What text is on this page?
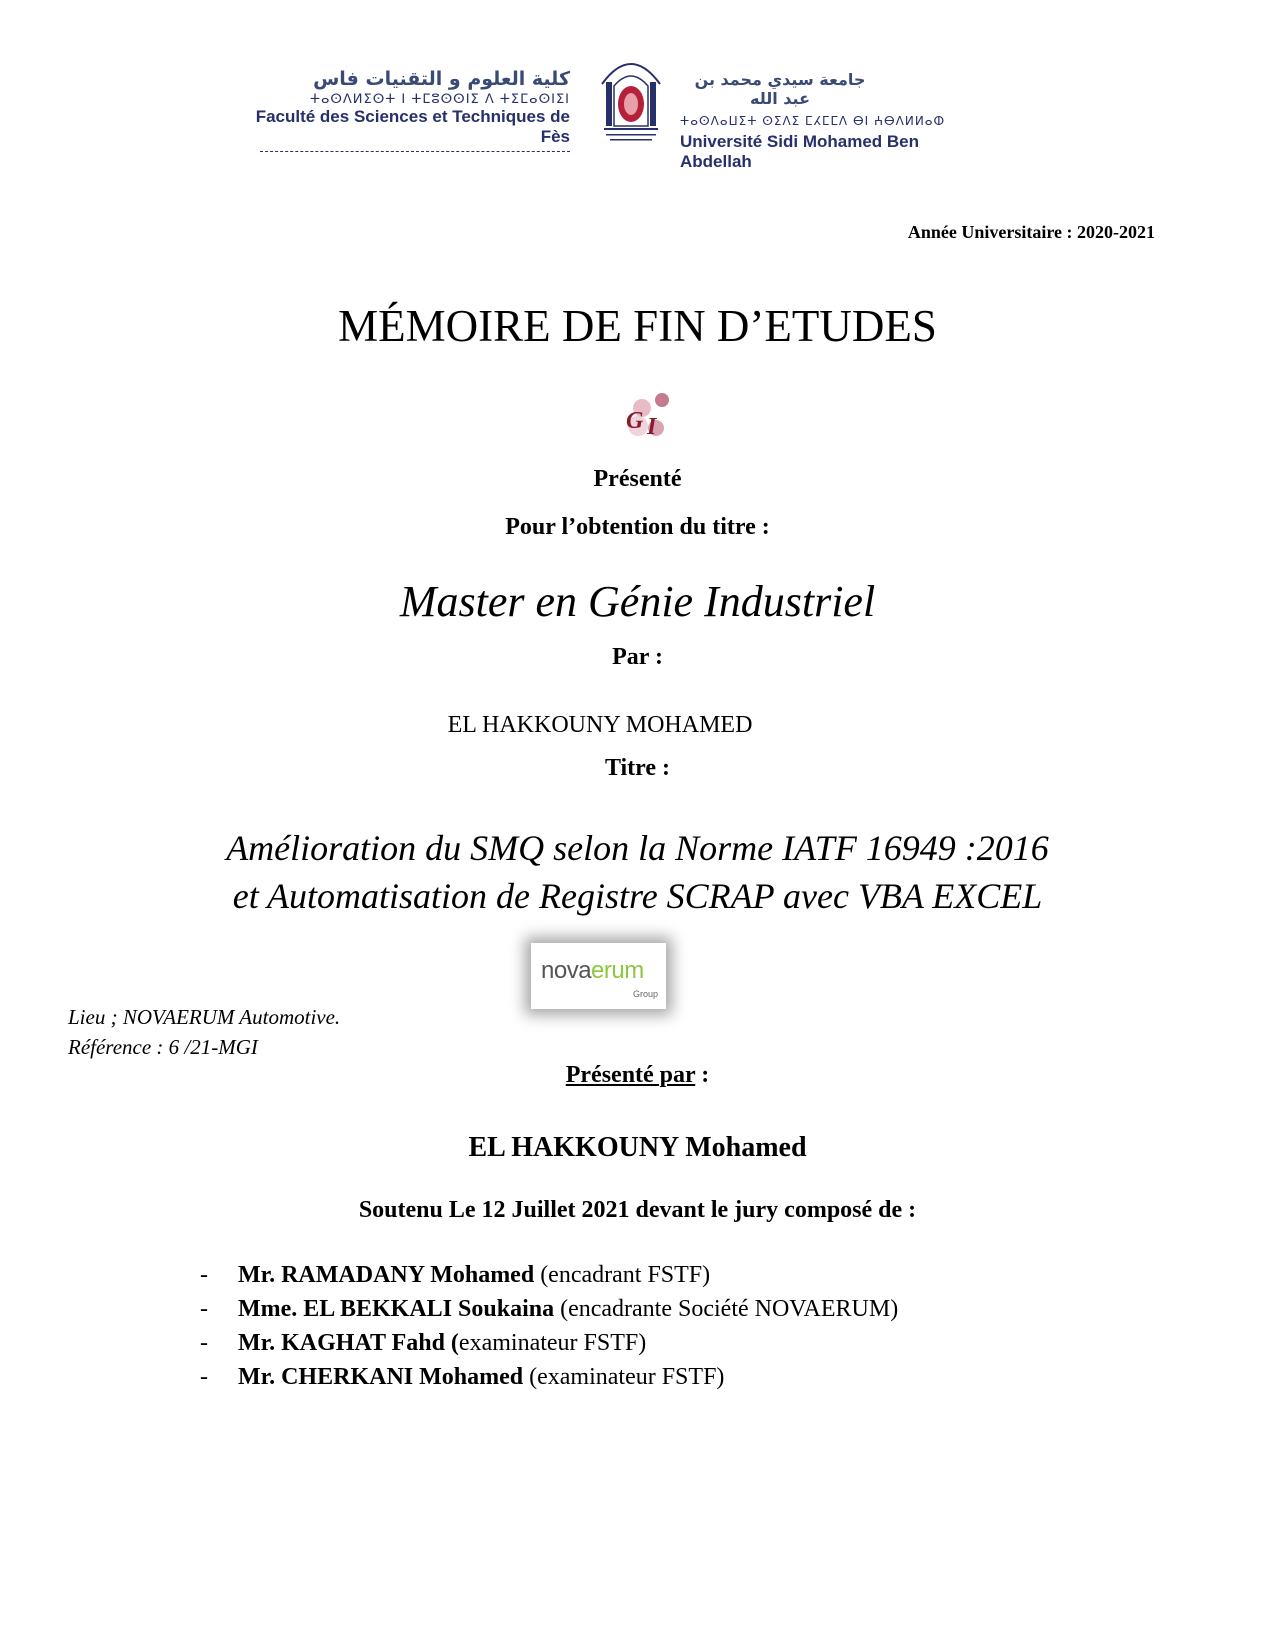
كلية العلوم و التقنيات فاس
ⵜⴰⵙⴷⵍⵉⵙⵜ ⵏ ⵜⵎⵓⵙⵙⵏⵉ ⴷ ⵜⵉⵎⴰⵙⵏⵉⵏ
Faculté des Sciences et Techniques de Fès
جامعة سيدي محمد بن عبد الله
ⵜⴰⵙⴷⴰⵡⵉⵜ ⵙⵉⴷⵉ ⵎⵃⵎⵎⴷ ⴱⵏ ⵄⴱⴷⵍⵍⴰⵀ
Université Sidi Mohamed Ben Abdellah
Année Universitaire : 2020-2021
MÉMOIRE DE FIN D’ETUDES
G I
Présenté
Pour l’obtention du titre :
Master en Génie Industriel
Par :
EL HAKKOUNY MOHAMED
Titre :
Amélioration du SMQ selon la Norme IATF 16949 :2016
et Automatisation de Registre SCRAP avec VBA EXCEL
novaerum
Group
Lieu ; NOVAERUM Automotive.
Référence : 6 /21-MGI
Présenté par :
EL HAKKOUNY Mohamed
Soutenu Le 12 Juillet 2021 devant le jury composé de :
-	Mr. RAMADANY Mohamed (encadrant FSTF)
-	Mme. EL BEKKALI Soukaina (encadrante Société NOVAERUM)
-	Mr. KAGHAT Fahd (examinateur FSTF)
-	Mr. CHERKANI Mohamed (examinateur FSTF)
